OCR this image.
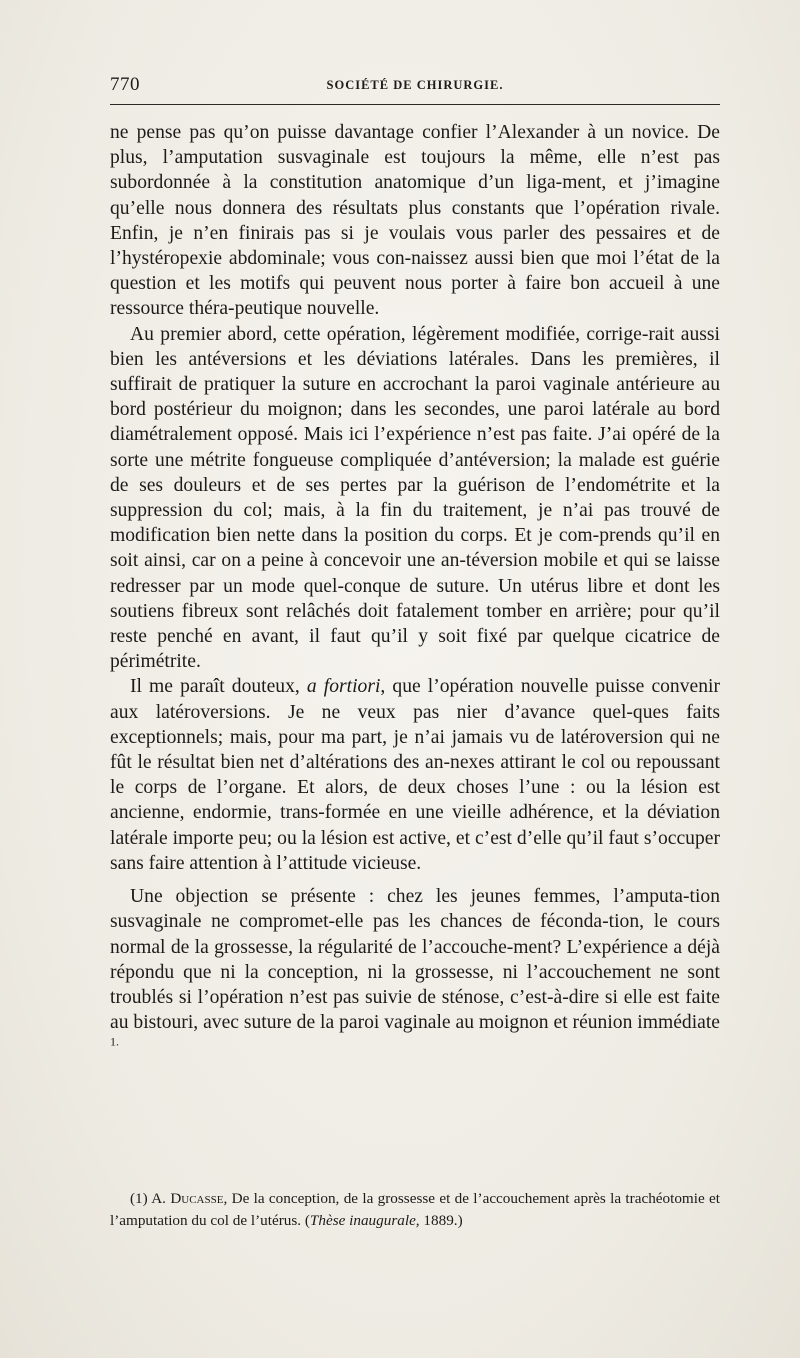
770	SOCIÉTÉ DE CHIRURGIE.

ne pense pas qu’on puisse davantage confier l’Alexander à un novice. De plus, l’amputation susvaginale est toujours la même, elle n’est pas subordonnée à la constitution anatomique d’un liga-ment, et j’imagine qu’elle nous donnera des résultats plus constants que l’opération rivale. Enfin, je n’en finirais pas si je voulais vous parler des pessaires et de l’hystéropexie abdominale; vous con-naissez aussi bien que moi l’état de la question et les motifs qui peuvent nous porter à faire bon accueil à une ressource théra-peutique nouvelle.

Au premier abord, cette opération, légèrement modifiée, corrige-rait aussi bien les antéversions et les déviations latérales. Dans les premières, il suffirait de pratiquer la suture en accrochant la paroi vaginale antérieure au bord postérieur du moignon; dans les secondes, une paroi latérale au bord diamétralement opposé. Mais ici l’expérience n’est pas faite. J’ai opéré de la sorte une métrite fongueuse compliquée d’antéversion; la malade est guérie de ses douleurs et de ses pertes par la guérison de l’endométrite et la suppression du col; mais, à la fin du traitement, je n’ai pas trouvé de modification bien nette dans la position du corps. Et je com-prends qu’il en soit ainsi, car on a peine à concevoir une an-téversion mobile et qui se laisse redresser par un mode quel-conque de suture. Un utérus libre et dont les soutiens fibreux sont relâchés doit fatalement tomber en arrière; pour qu’il reste penché en avant, il faut qu’il y soit fixé par quelque cicatrice de périmétrite.

Il me paraît douteux, a fortiori, que l’opération nouvelle puisse convenir aux latéroversions. Je ne veux pas nier d’avance quel-ques faits exceptionnels; mais, pour ma part, je n’ai jamais vu de latéroversion qui ne fût le résultat bien net d’altérations des an-nexes attirant le col ou repoussant le corps de l’organe. Et alors, de deux choses l’une : ou la lésion est ancienne, endormie, trans-formée en une vieille adhérence, et la déviation latérale importe peu; ou la lésion est active, et c’est d’elle qu’il faut s’occuper sans faire attention à l’attitude vicieuse.

Une objection se présente : chez les jeunes femmes, l’amputa-tion susvaginale ne compromet-elle pas les chances de féconda-tion, le cours normal de la grossesse, la régularité de l’accouche-ment? L’expérience a déjà répondu que ni la conception, ni la grossesse, ni l’accouchement ne sont troublés si l’opération n’est pas suivie de sténose, c’est-à-dire si elle est faite au bistouri, avec suture de la paroi vaginale au moignon et réunion immédiate $^{1.}$

(1) A. Ducasse, De la conception, de la grossesse et de l’accouchement après la trachéotomie et l’amputation du col de l’utérus. (Thèse inaugurale, 1889.)
